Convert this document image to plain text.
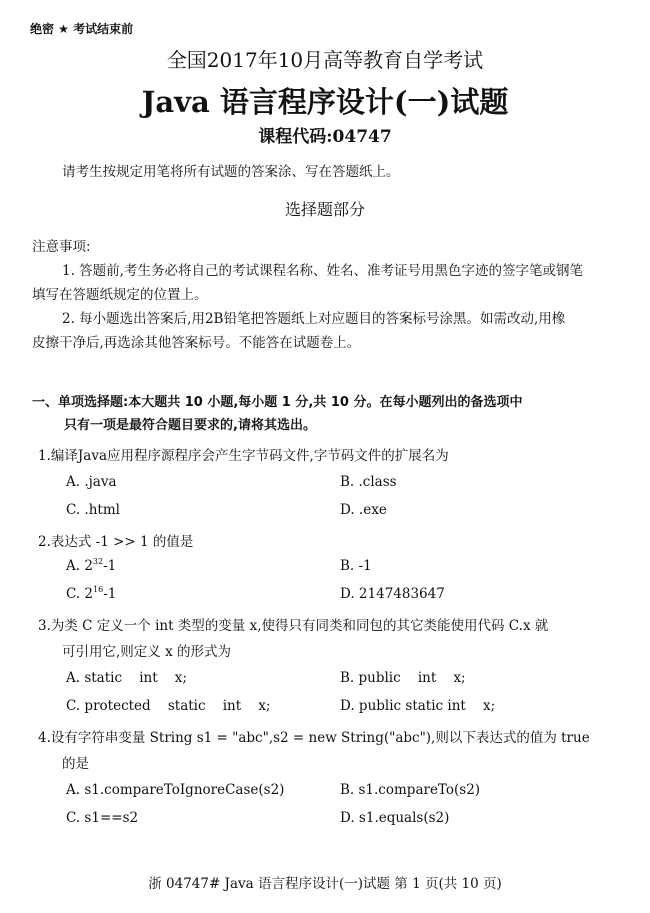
绝密 ★ 考试结束前
全国2017年10月高等教育自学考试
Java 语言程序设计(一)试题
课程代码:04747
请考生按规定用笔将所有试题的答案涂、写在答题纸上。
选择题部分
注意事项:
1. 答题前,考生务必将自己的考试课程名称、姓名、准考证号用黑色字迹的签字笔或钢笔
填写在答题纸规定的位置上。
2. 每小题选出答案后,用2B铅笔把答题纸上对应题目的答案标号涂黑。如需改动,用橡
皮擦干净后,再选涂其他答案标号。不能答在试题卷上。
一、单项选择题:本大题共 10 小题,每小题 1 分,共 10 分。在每小题列出的备选项中
只有一项是最符合题目要求的,请将其选出。
1.编译Java应用程序源程序会产生字节码文件,字节码文件的扩展名为
A. .java	B. .class
C. .html	D. .exe
2.表达式 -1 >> 1 的值是
A. $2^{32}-1$	B. -1
C. $2^{16}-1$	D. 2147483647
3.为类 C 定义一个 int 类型的变量 x,使得只有同类和同包的其它类能使用代码 C.x 就
可引用它,则定义 x 的形式为
A. static    int    x;	B. public    int    x;
C. protected    static    int    x;	D. public static int    x;
4.设有字符串变量 String s1 = "abc",s2 = new String("abc"),则以下表达式的值为 true
的是
A. s1.compareToIgnoreCase(s2)	B. s1.compareTo(s2)
C. s1==s2	D. s1.equals(s2)
浙 04747# Java 语言程序设计(一)试题 第 1 页(共 10 页)
